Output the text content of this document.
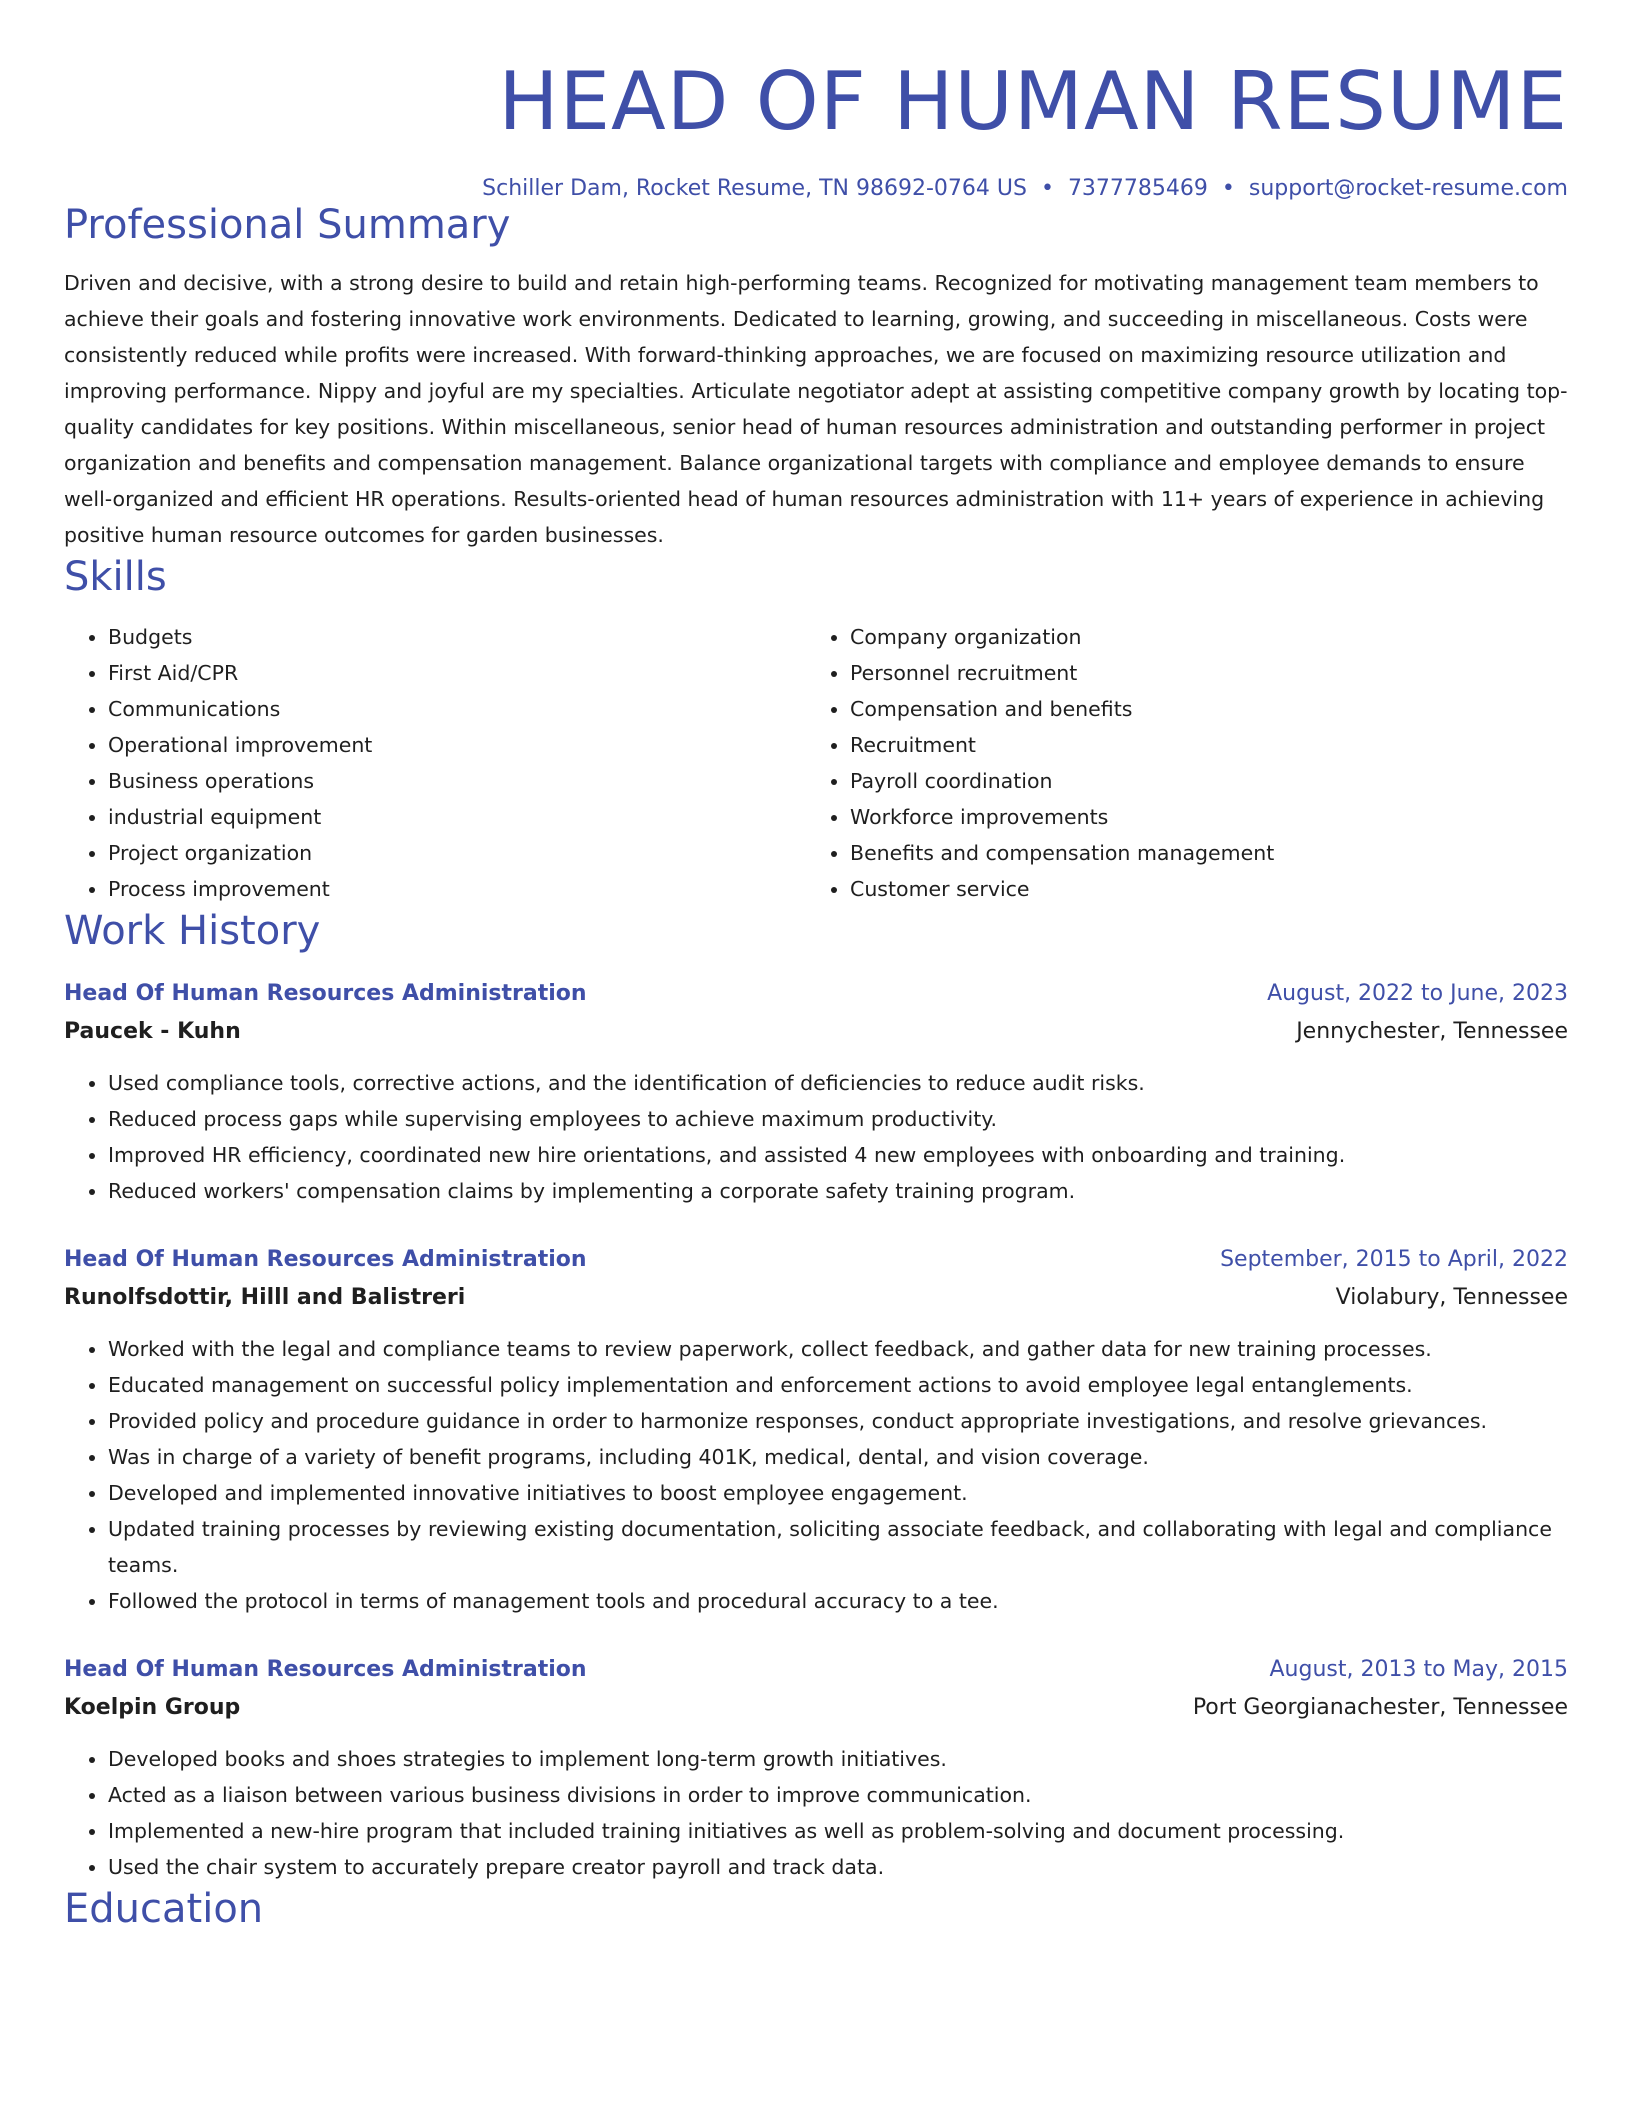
HEAD OF HUMAN RESUME
Schiller Dam, Rocket Resume, TN 98692-0764 US • 7377785469 • support@rocket-resume.com
Professional Summary
Driven and decisive, with a strong desire to build and retain high-performing teams. Recognized for motivating management team members to achieve their goals and fostering innovative work environments. Dedicated to learning, growing, and succeeding in miscellaneous. Costs were consistently reduced while profits were increased. With forward-thinking approaches, we are focused on maximizing resource utilization and improving performance. Nippy and joyful are my specialties. Articulate negotiator adept at assisting competitive company growth by locating top-quality candidates for key positions. Within miscellaneous, senior head of human resources administration and outstanding performer in project organization and benefits and compensation management. Balance organizational targets with compliance and employee demands to ensure well-organized and efficient HR operations. Results-oriented head of human resources administration with 11+ years of experience in achieving positive human resource outcomes for garden businesses.
Skills
• Budgets
• First Aid/CPR
• Communications
• Operational improvement
• Business operations
• industrial equipment
• Project organization
• Process improvement
• Company organization
• Personnel recruitment
• Compensation and benefits
• Recruitment
• Payroll coordination
• Workforce improvements
• Benefits and compensation management
• Customer service
Work History
Head Of Human Resources Administration	August, 2022 to June, 2023
Paucek - Kuhn	Jennychester, Tennessee
• Used compliance tools, corrective actions, and the identification of deficiencies to reduce audit risks.
• Reduced process gaps while supervising employees to achieve maximum productivity.
• Improved HR efficiency, coordinated new hire orientations, and assisted 4 new employees with onboarding and training.
• Reduced workers' compensation claims by implementing a corporate safety training program.
Head Of Human Resources Administration	September, 2015 to April, 2022
Runolfsdottir, Hilll and Balistreri	Violabury, Tennessee
• Worked with the legal and compliance teams to review paperwork, collect feedback, and gather data for new training processes.
• Educated management on successful policy implementation and enforcement actions to avoid employee legal entanglements.
• Provided policy and procedure guidance in order to harmonize responses, conduct appropriate investigations, and resolve grievances.
• Was in charge of a variety of benefit programs, including 401K, medical, dental, and vision coverage.
• Developed and implemented innovative initiatives to boost employee engagement.
• Updated training processes by reviewing existing documentation, soliciting associate feedback, and collaborating with legal and compliance teams.
• Followed the protocol in terms of management tools and procedural accuracy to a tee.
Head Of Human Resources Administration	August, 2013 to May, 2015
Koelpin Group	Port Georgianachester, Tennessee
• Developed books and shoes strategies to implement long-term growth initiatives.
• Acted as a liaison between various business divisions in order to improve communication.
• Implemented a new-hire program that included training initiatives as well as problem-solving and document processing.
• Used the chair system to accurately prepare creator payroll and track data.
Education
